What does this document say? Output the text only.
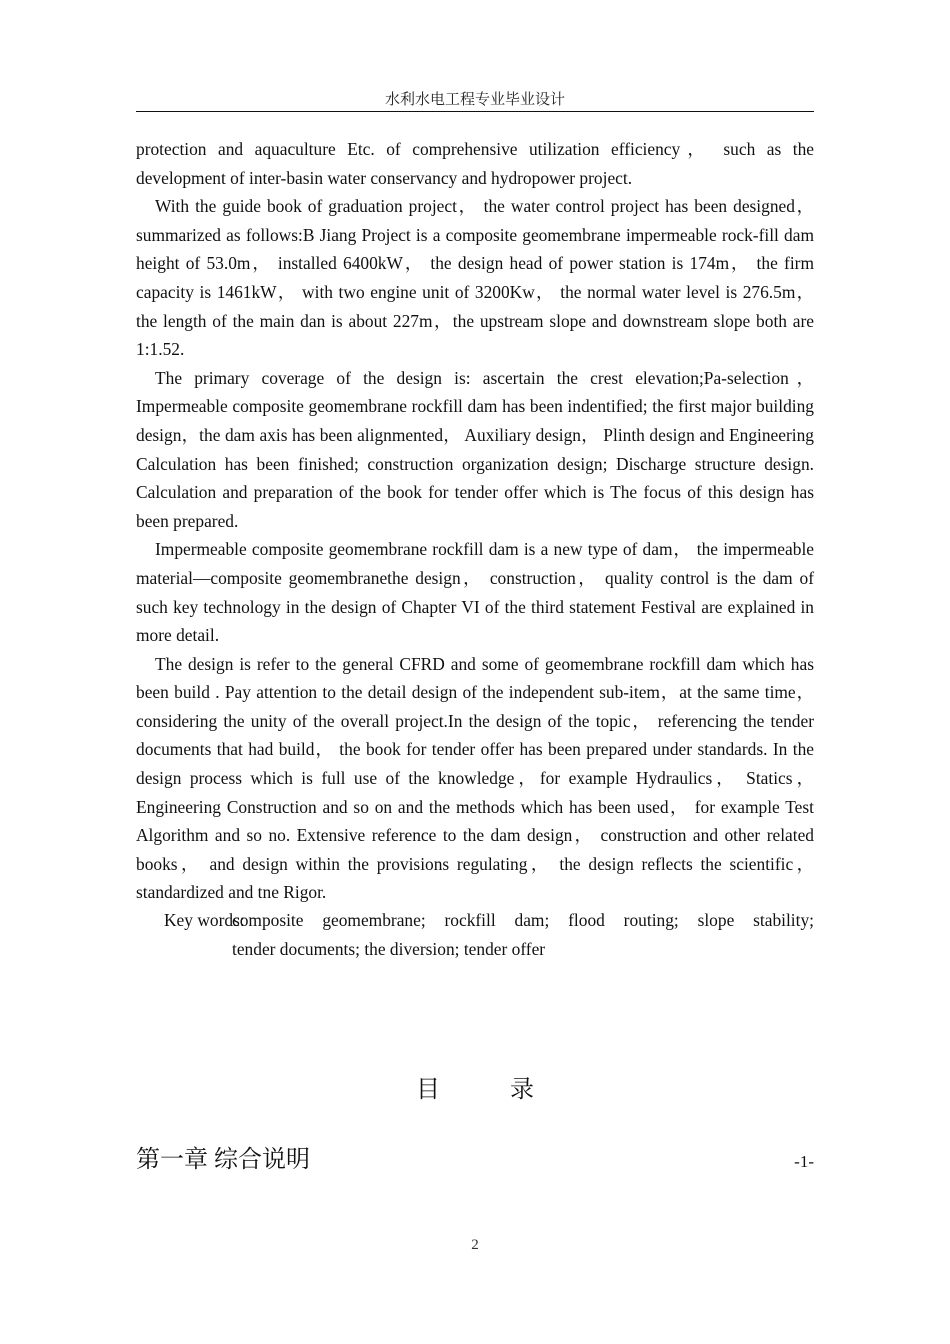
水利水电工程专业毕业设计

protection and aquaculture Etc. of comprehensive utilization efficiency， such as the development of inter-basin water conservancy and hydropower project.

With the guide book of graduation project， the water control project has been designed， summarized as follows:B Jiang Project is a composite geomembrane impermeable rock-fill dam height of 53.0m， installed 6400kW， the design head of power station is 174m， the firm capacity is 1461kW， with two engine unit of 3200Kw， the normal water level is 276.5m， the length of the main dan is about 227m，the upstream slope and downstream slope both are 1:1.52.

The primary coverage of the design is: ascertain the crest elevation;Pa-selection，Impermeable composite geomembrane rockfill dam has been indentified; the first major building design，the dam axis has been alignmented， Auxiliary design， Plinth design and Engineering Calculation has been finished; construction organization design; Discharge structure design. Calculation and preparation of the book for tender offer which is The focus of this design has been prepared.

Impermeable composite geomembrane rockfill dam is a new type of dam， the impermeable material—composite geomembranethe design， construction， quality control is the dam of such key technology in the design of Chapter VI of the third statement Festival are explained in more detail.

The design is refer to the general CFRD and some of geomembrane rockfill dam which has been build . Pay attention to the detail design of the independent sub-item，at the same time， considering the unity of the overall project.In the design of the topic， referencing the tender documents that had build， the book for tender offer has been prepared under standards. In the design process which is full use of the knowledge，for example Hydraulics， Statics， Engineering Construction and so on and the methods which has been used， for example Test Algorithm and so no. Extensive reference to the dam design， construction and other related books， and design within the provisions regulating， the design reflects the scientific，standardized and tne Rigor.

Key words:
composite geomembrane; rockfill dam; flood routing; slope stability;
tender documents; the diversion; tender offer
目	录
第一章 综合说明	-1-
2
